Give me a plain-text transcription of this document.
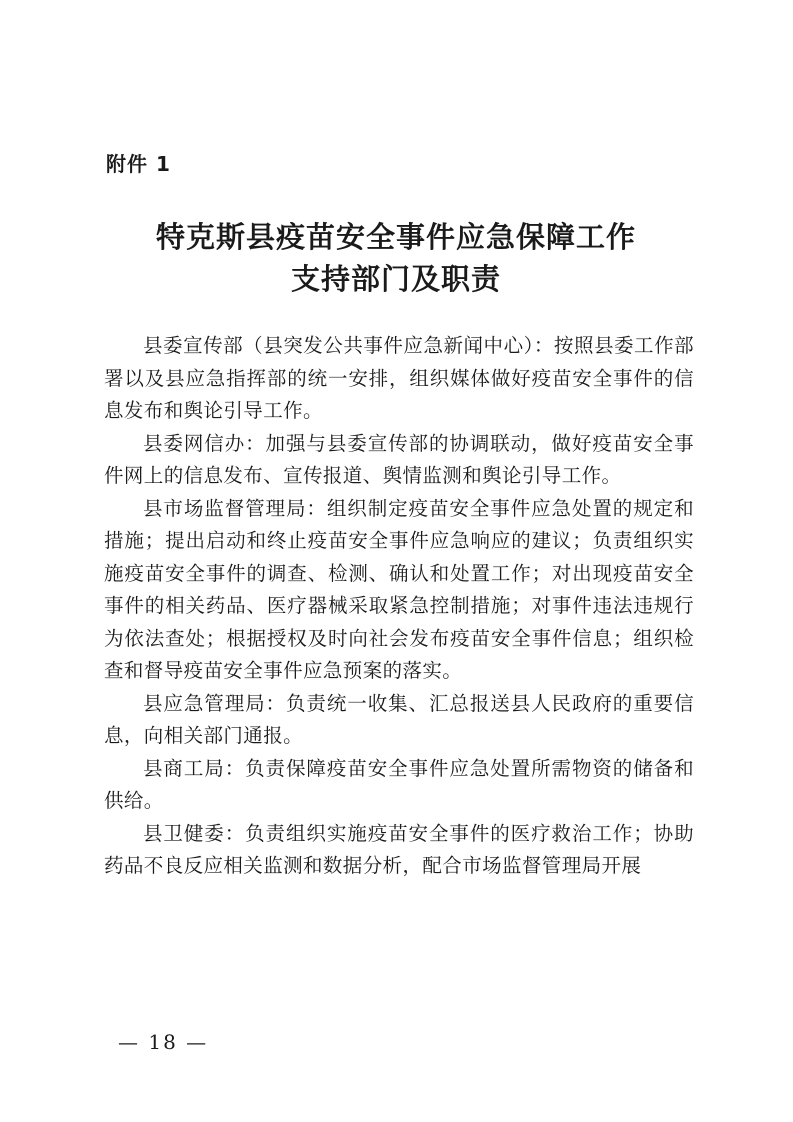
附件 1
特克斯县疫苗安全事件应急保障工作
支持部门及职责

县委宣传部（县突发公共事件应急新闻中心）：按照县委工作部署以及县应急指挥部的统一安排，组织媒体做好疫苗安全事件的信息发布和舆论引导工作。

县委网信办：加强与县委宣传部的协调联动，做好疫苗安全事件网上的信息发布、宣传报道、舆情监测和舆论引导工作。

县市场监督管理局：组织制定疫苗安全事件应急处置的规定和措施；提出启动和终止疫苗安全事件应急响应的建议；负责组织实施疫苗安全事件的调查、检测、确认和处置工作；对出现疫苗安全事件的相关药品、医疗器械采取紧急控制措施；对事件违法违规行为依法查处；根据授权及时向社会发布疫苗安全事件信息；组织检查和督导疫苗安全事件应急预案的落实。

县应急管理局：负责统一收集、汇总报送县人民政府的重要信息，向相关部门通报。

县商工局：负责保障疫苗安全事件应急处置所需物资的储备和供给。

县卫健委：负责组织实施疫苗安全事件的医疗救治工作；协助药品不良反应相关监测和数据分析，配合市场监督管理局开展

— 18 —
